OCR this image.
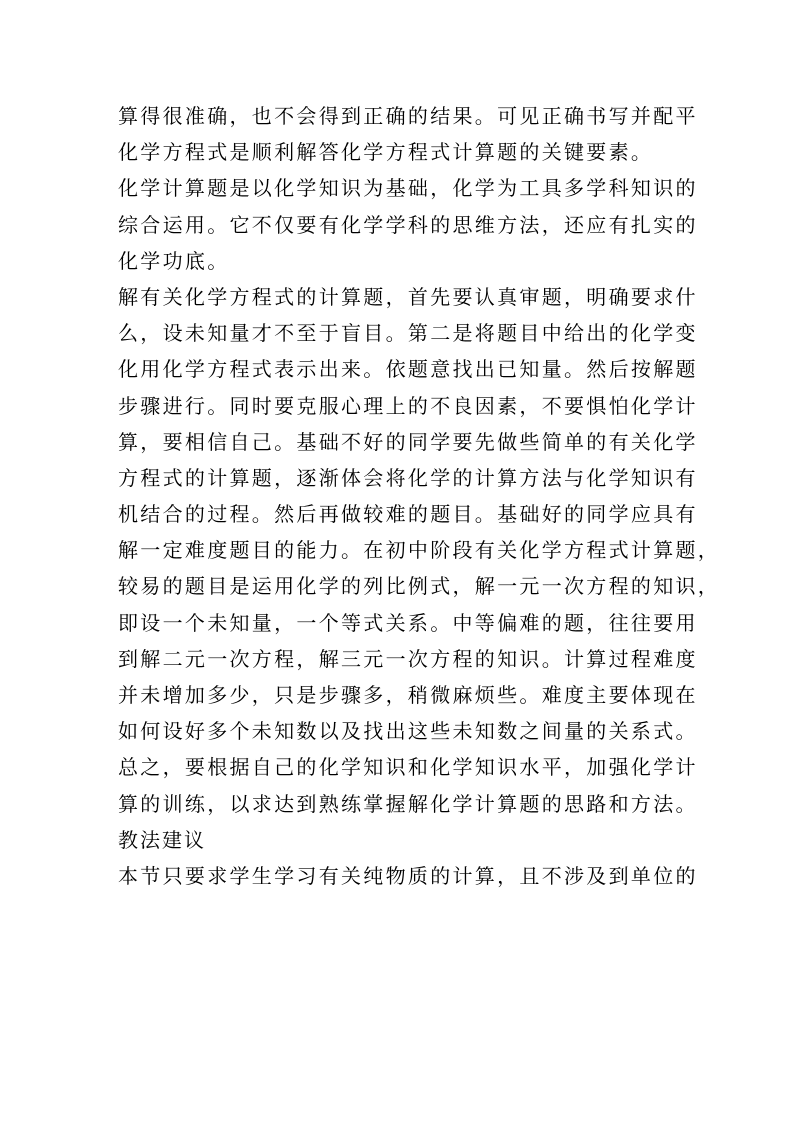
算得很准确，也不会得到正确的结果。可见正确书写并配平
化学方程式是顺利解答化学方程式计算题的关键要素。
化学计算题是以化学知识为基础，化学为工具多学科知识的
综合运用。它不仅要有化学学科的思维方法，还应有扎实的
化学功底。
解有关化学方程式的计算题，首先要认真审题，明确要求什
么，设未知量才不至于盲目。第二是将题目中给出的化学变
化用化学方程式表示出来。依题意找出已知量。然后按解题
步骤进行。同时要克服心理上的不良因素，不要惧怕化学计
算，要相信自己。基础不好的同学要先做些简单的有关化学
方程式的计算题，逐渐体会将化学的计算方法与化学知识有
机结合的过程。然后再做较难的题目。基础好的同学应具有
解一定难度题目的能力。在初中阶段有关化学方程式计算题，
较易的题目是运用化学的列比例式，解一元一次方程的知识，
即设一个未知量，一个等式关系。中等偏难的题，往往要用
到解二元一次方程，解三元一次方程的知识。计算过程难度
并未增加多少，只是步骤多，稍微麻烦些。难度主要体现在
如何设好多个未知数以及找出这些未知数之间量的关系式。
总之，要根据自己的化学知识和化学知识水平，加强化学计
算的训练，以求达到熟练掌握解化学计算题的思路和方法。
教法建议
本节只要求学生学习有关纯物质的计算，且不涉及到单位的
